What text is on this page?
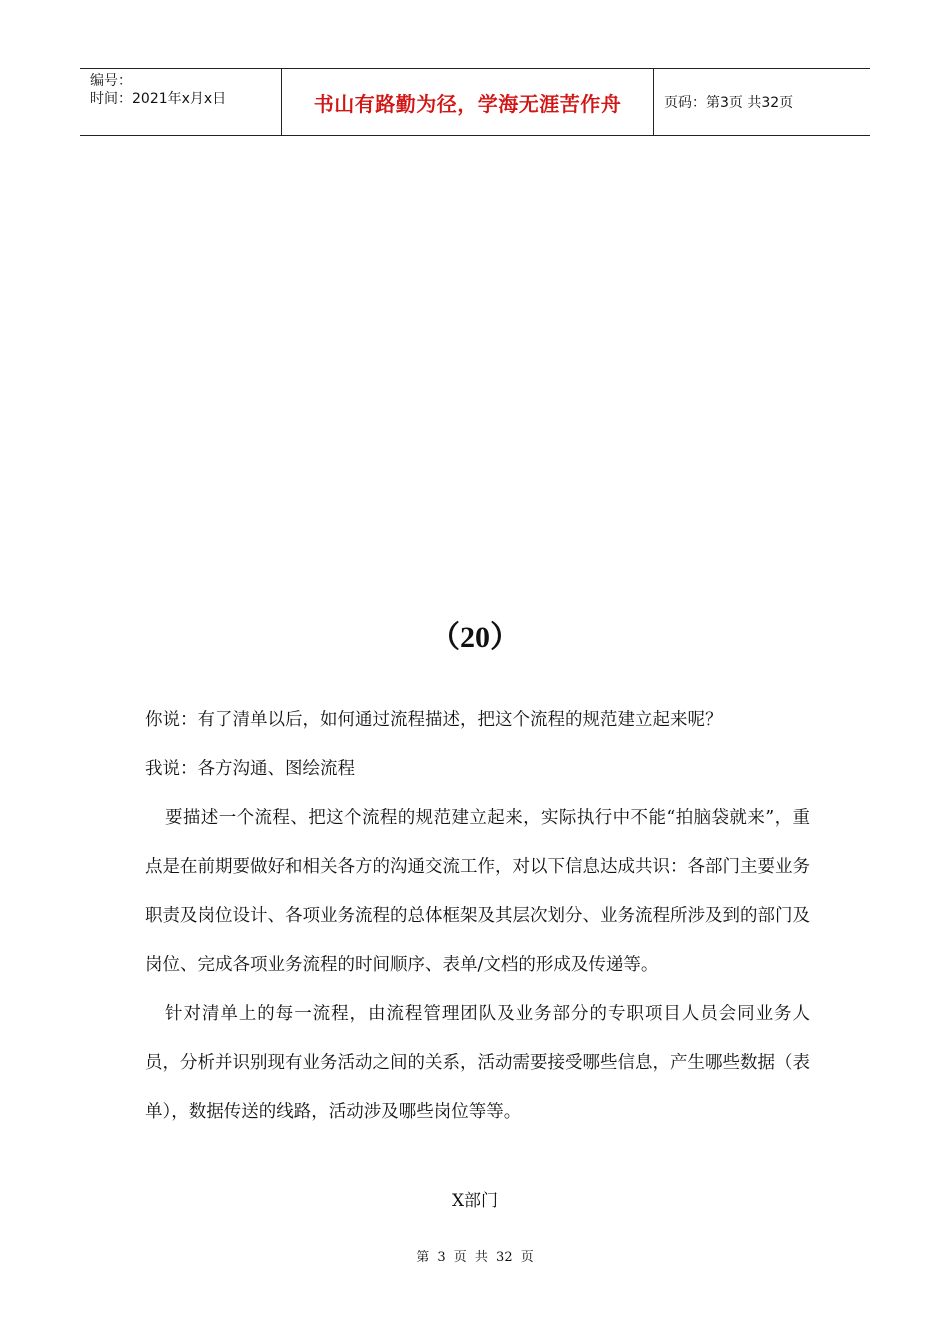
编号：
时间：2021年x月x日	书山有路勤为径，学海无涯苦作舟	页码：第3页 共32页
（20）

你说：有了清单以后，如何通过流程描述，把这个流程的规范建立起来呢？

我说：各方沟通、图绘流程

要描述一个流程、把这个流程的规范建立起来，实际执行中不能“拍脑袋就来”，重点是在前期要做好和相关各方的沟通交流工作，对以下信息达成共识：各部门主要业务职责及岗位设计、各项业务流程的总体框架及其层次划分、业务流程所涉及到的部门及岗位、完成各项业务流程的时间顺序、表单/文档的形成及传递等。

针对清单上的每一流程，由流程管理团队及业务部分的专职项目人员会同业务人员，分析并识别现有业务活动之间的关系，活动需要接受哪些信息，产生哪些数据（表单），数据传送的线路，活动涉及哪些岗位等等。

X部门
第 3 页 共 32 页
